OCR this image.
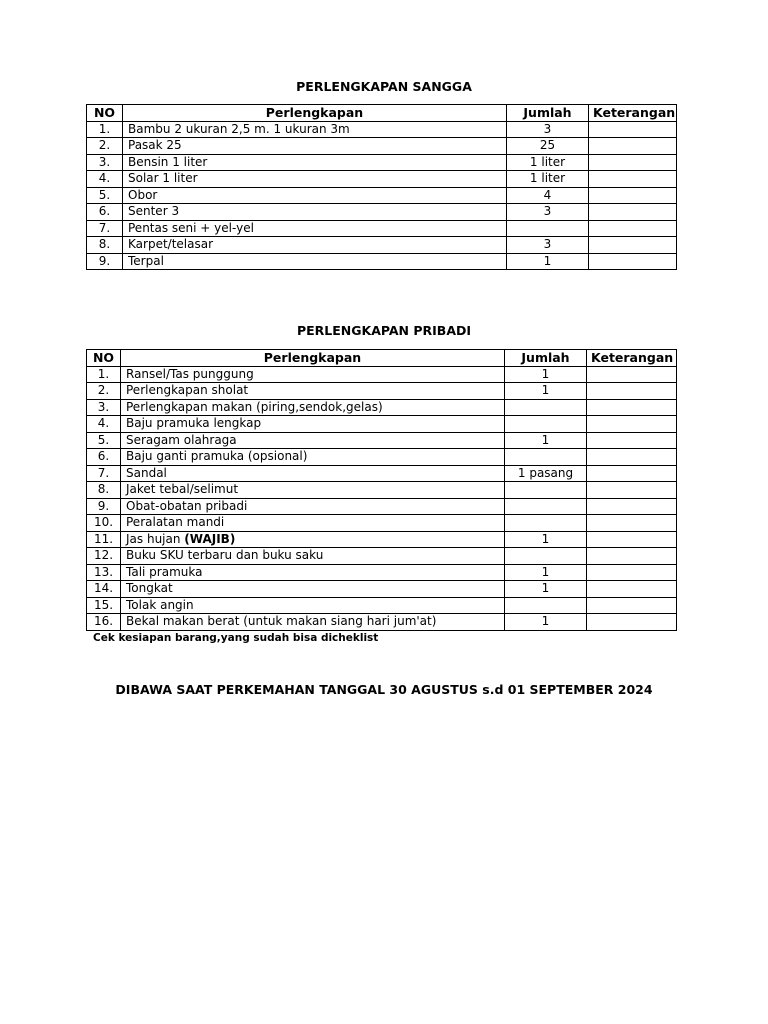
PERLENGKAPAN SANGGA
NO	Perlengkapan	Jumlah	Keterangan
1.	Bambu 2 ukuran 2,5 m. 1 ukuran 3m	3	
2.	Pasak 25	25	
3.	Bensin 1 liter	1 liter	
4.	Solar 1 liter	1 liter	
5.	Obor	4	
6.	Senter 3	3	
7.	Pentas seni + yel-yel		
8.	Karpet/telasar	3	
9.	Terpal	1	
PERLENGKAPAN PRIBADI
NO	Perlengkapan	Jumlah	Keterangan
1.	Ransel/Tas punggung	1	
2.	Perlengkapan sholat	1	
3.	Perlengkapan makan (piring,sendok,gelas)		
4.	Baju pramuka lengkap		
5.	Seragam olahraga	1	
6.	Baju ganti pramuka (opsional)		
7.	Sandal	1 pasang	
8.	Jaket tebal/selimut		
9.	Obat-obatan pribadi		
10.	Peralatan mandi		
11.	Jas hujan (WAJIB)	1	
12.	Buku SKU terbaru dan buku saku		
13.	Tali pramuka	1	
14.	Tongkat	1	
15.	Tolak angin		
16.	Bekal makan berat (untuk makan siang hari jum'at)	1	
Cek kesiapan barang,yang sudah bisa dicheklist
DIBAWA SAAT PERKEMAHAN TANGGAL 30 AGUSTUS s.d 01 SEPTEMBER 2024
